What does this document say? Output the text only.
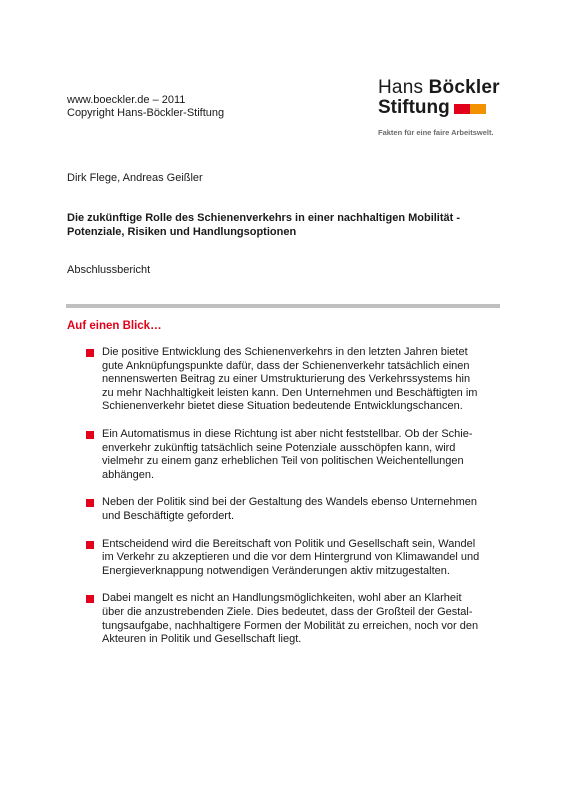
www.boeckler.de – 2011
Copyright Hans-Böckler-Stiftung
Hans Böckler
Stiftung
Fakten für eine faire Arbeitswelt.
Dirk Flege, Andreas Geißler
Die zukünftige Rolle des Schienenverkehrs in einer nachhaltigen Mobilität - Potenziale, Risiken und Handlungsoptionen
Abschlussbericht
Auf einen Blick…
Die positive Entwicklung des Schienenverkehrs in den letzten Jahren bietet
gute Anknüpfungspunkte dafür, dass der Schienenverkehr tatsächlich einen
nennenswerten Beitrag zu einer Umstrukturierung des Verkehrssystems hin
zu mehr Nachhaltigkeit leisten kann. Den Unternehmen und Beschäftigten im
Schienenverkehr bietet diese Situation bedeutende Entwicklungschancen.
Ein Automatismus in diese Richtung ist aber nicht feststellbar. Ob der Schie-
enverkehr zukünftig tatsächlich seine Potenziale ausschöpfen kann, wird
vielmehr zu einem ganz erheblichen Teil von politischen Weichentellungen
abhängen.
Neben der Politik sind bei der Gestaltung des Wandels ebenso Unternehmen
und Beschäftigte gefordert.
Entscheidend wird die Bereitschaft von Politik und Gesellschaft sein, Wandel
im Verkehr zu akzeptieren und die vor dem Hintergrund von Klimawandel und
Energieverknappung notwendigen Veränderungen aktiv mitzugestalten.
Dabei mangelt es nicht an Handlungsmöglichkeiten, wohl aber an Klarheit
über die anzustrebenden Ziele. Dies bedeutet, dass der Großteil der Gestal-
tungsaufgabe, nachhaltigere Formen der Mobilität zu erreichen, noch vor den
Akteuren in Politik und Gesellschaft liegt.
